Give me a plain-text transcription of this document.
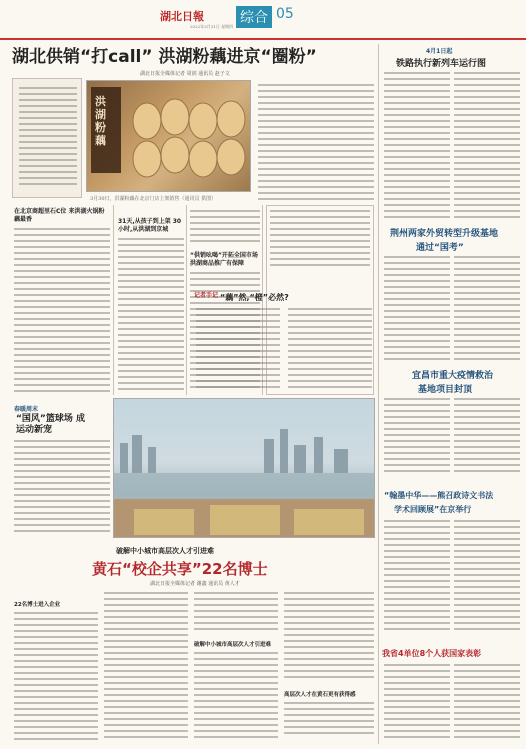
湖北日報
2022年3月31日 星期四
综合 05
湖北供销“打call” 洪湖粉藕进京“圈粉”
湖北日报全媒体记者 周润 通讯员 赵子文
洪湖粉藕
3月30日，洪湖粉藕在北京门店上架销售（通讯员 供图）
在北京商超里石C位 来洪湖火锅粉藕最香	31天,从孩子到上架 30小时,从洪湖到京城
“供销吆喝”开拓全国市场 洪湖商品推广有保障
记者手记 “藕”然,“橙”必然?
春暖周末
“国风”篮球场 成运动新宠
破解中小城市高层次人才引进难
黄石“校企共享”22名博士
湖北日报全媒体记者 谢鑫 通讯员 黄人才
22名博士进入企业
破解中小城市高层次人才引进难
高层次人才在黄石更有获得感
4月1日起
铁路执行新列车运行图
荆州两家外贸转型升级基地
通过“国考”
宜昌市重大疫情救治
基地项目封顶
“翰墨中华——熊召政诗文书法
学术回顾展”在京举行
我省4单位8个人获国家表彰
